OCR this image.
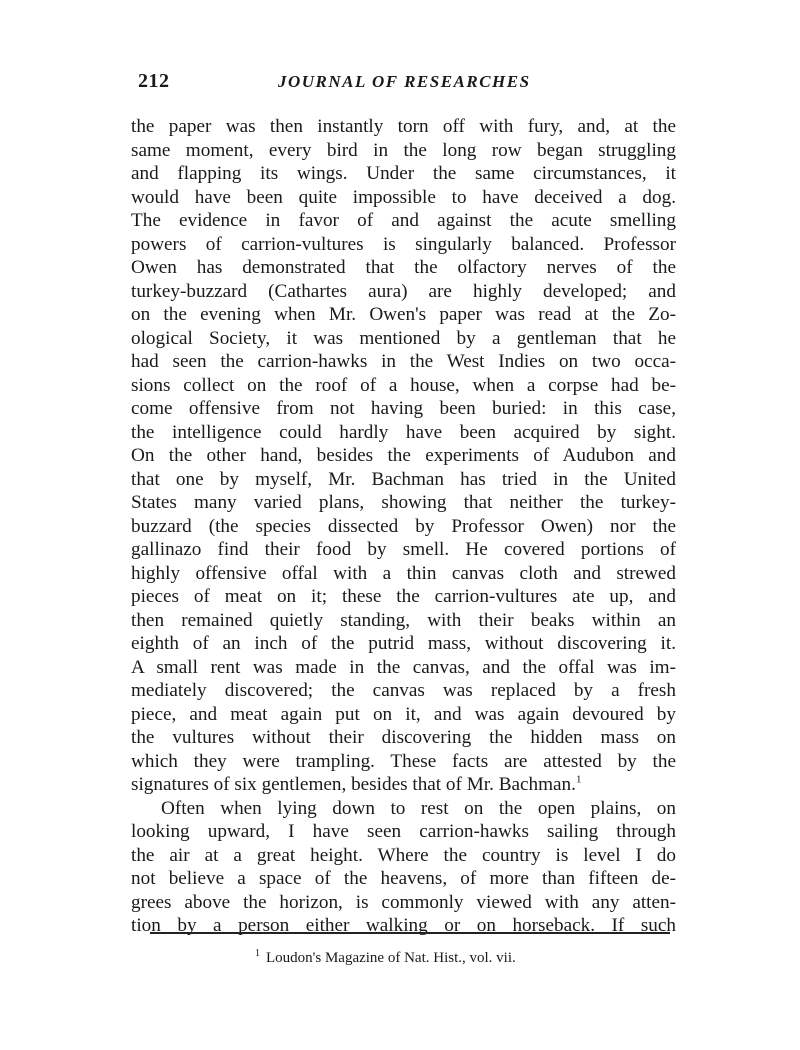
212	JOURNAL OF RESEARCHES
the paper was then instantly torn off with fury, and, at the
same moment, every bird in the long row began struggling
and flapping its wings. Under the same circumstances, it
would have been quite impossible to have deceived a dog.
The evidence in favor of and against the acute smelling
powers of carrion-vultures is singularly balanced. Professor
Owen has demonstrated that the olfactory nerves of the
turkey-buzzard (Cathartes aura) are highly developed; and
on the evening when Mr. Owen's paper was read at the Zo-
ological Society, it was mentioned by a gentleman that he
had seen the carrion-hawks in the West Indies on two occa-
sions collect on the roof of a house, when a corpse had be-
come offensive from not having been buried: in this case,
the intelligence could hardly have been acquired by sight.
On the other hand, besides the experiments of Audubon and
that one by myself, Mr. Bachman has tried in the United
States many varied plans, showing that neither the turkey-
buzzard (the species dissected by Professor Owen) nor the
gallinazo find their food by smell. He covered portions of
highly offensive offal with a thin canvas cloth and strewed
pieces of meat on it; these the carrion-vultures ate up, and
then remained quietly standing, with their beaks within an
eighth of an inch of the putrid mass, without discovering it.
A small rent was made in the canvas, and the offal was im-
mediately discovered; the canvas was replaced by a fresh
piece, and meat again put on it, and was again devoured by
the vultures without their discovering the hidden mass on
which they were trampling. These facts are attested by the
signatures of six gentlemen, besides that of Mr. Bachman.$^1$
Often when lying down to rest on the open plains, on
looking upward, I have seen carrion-hawks sailing through
the air at a great height. Where the country is level I do
not believe a space of the heavens, of more than fifteen de-
grees above the horizon, is commonly viewed with any atten-
tion by a person either walking or on horseback. If such
$^1$ Loudon's Magazine of Nat. Hist., vol. vii.
